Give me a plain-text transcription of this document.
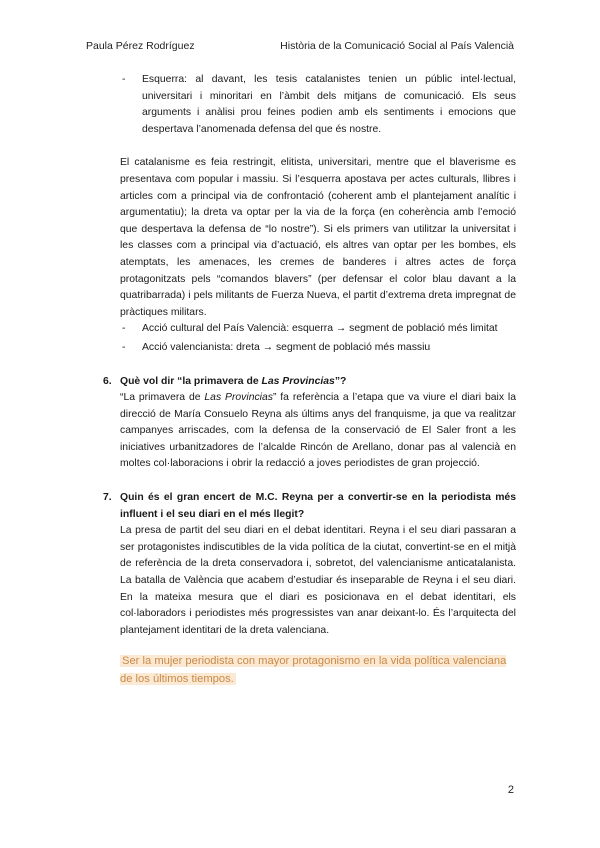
Paula Pérez Rodríguez	Història de la Comunicació Social al País Valencià

- Esquerra: al davant, les tesis catalanistes tenien un públic intel·lectual, universitari i minoritari en l’àmbit dels mitjans de comunicació. Els seus arguments i anàlisi prou feines podien amb els sentiments i emocions que despertava l’anomenada defensa del que és nostre.

El catalanisme es feia restringit, elitista, universitari, mentre que el blaverisme es presentava com popular i massiu. Si l’esquerra apostava per actes culturals, llibres i articles com a principal via de confrontació (coherent amb el plantejament analític i argumentatiu); la dreta va optar per la via de la força (en coherència amb l’emoció que despertava la defensa de “lo nostre”). Si els primers van utilitzar la universitat i les classes com a principal via d’actuació, els altres van optar per les bombes, els atemptats, les amenaces, les cremes de banderes i altres actes de força protagonitzats pels “comandos blavers” (per defensar el color blau davant a la quatribarrada) i pels militants de Fuerza Nueva, el partit d’extrema dreta impregnat de pràctiques militars.

- Acció cultural del País Valencià: esquerra → segment de població més limitat

- Acció valencianista: dreta → segment de població més massiu

6. Què vol dir “la primavera de Las Provincias”?

“La primavera de Las Provincias” fa referència a l’etapa que va viure el diari baix la direcció de María Consuelo Reyna als últims anys del franquisme, ja que va realitzar campanyes arriscades, com la defensa de la conservació de El Saler front a les iniciatives urbanitzadores de l’alcalde Rincón de Arellano, donar pas al valencià en moltes col·laboracions i obrir la redacció a joves periodistes de gran projecció.

7. Quin és el gran encert de M.C. Reyna per a convertir-se en la periodista més influent i el seu diari en el més llegit?

La presa de partit del seu diari en el debat identitari. Reyna i el seu diari passaran a ser protagonistes indiscutibles de la vida política de la ciutat, convertint-se en el mitjà de referència de la dreta conservadora i, sobretot, del valencianisme anticatalanista. La batalla de València que acabem d’estudiar és inseparable de Reyna i el seu diari. En la mateixa mesura que el diari es posicionava en el debat identitari, els col·laboradors i periodistes més progressistes van anar deixant-lo. És l’arquitecta del plantejament identitari de la dreta valenciana.

Ser la mujer periodista con mayor protagonismo en la vida política valenciana de los últimos tiempos.

2
